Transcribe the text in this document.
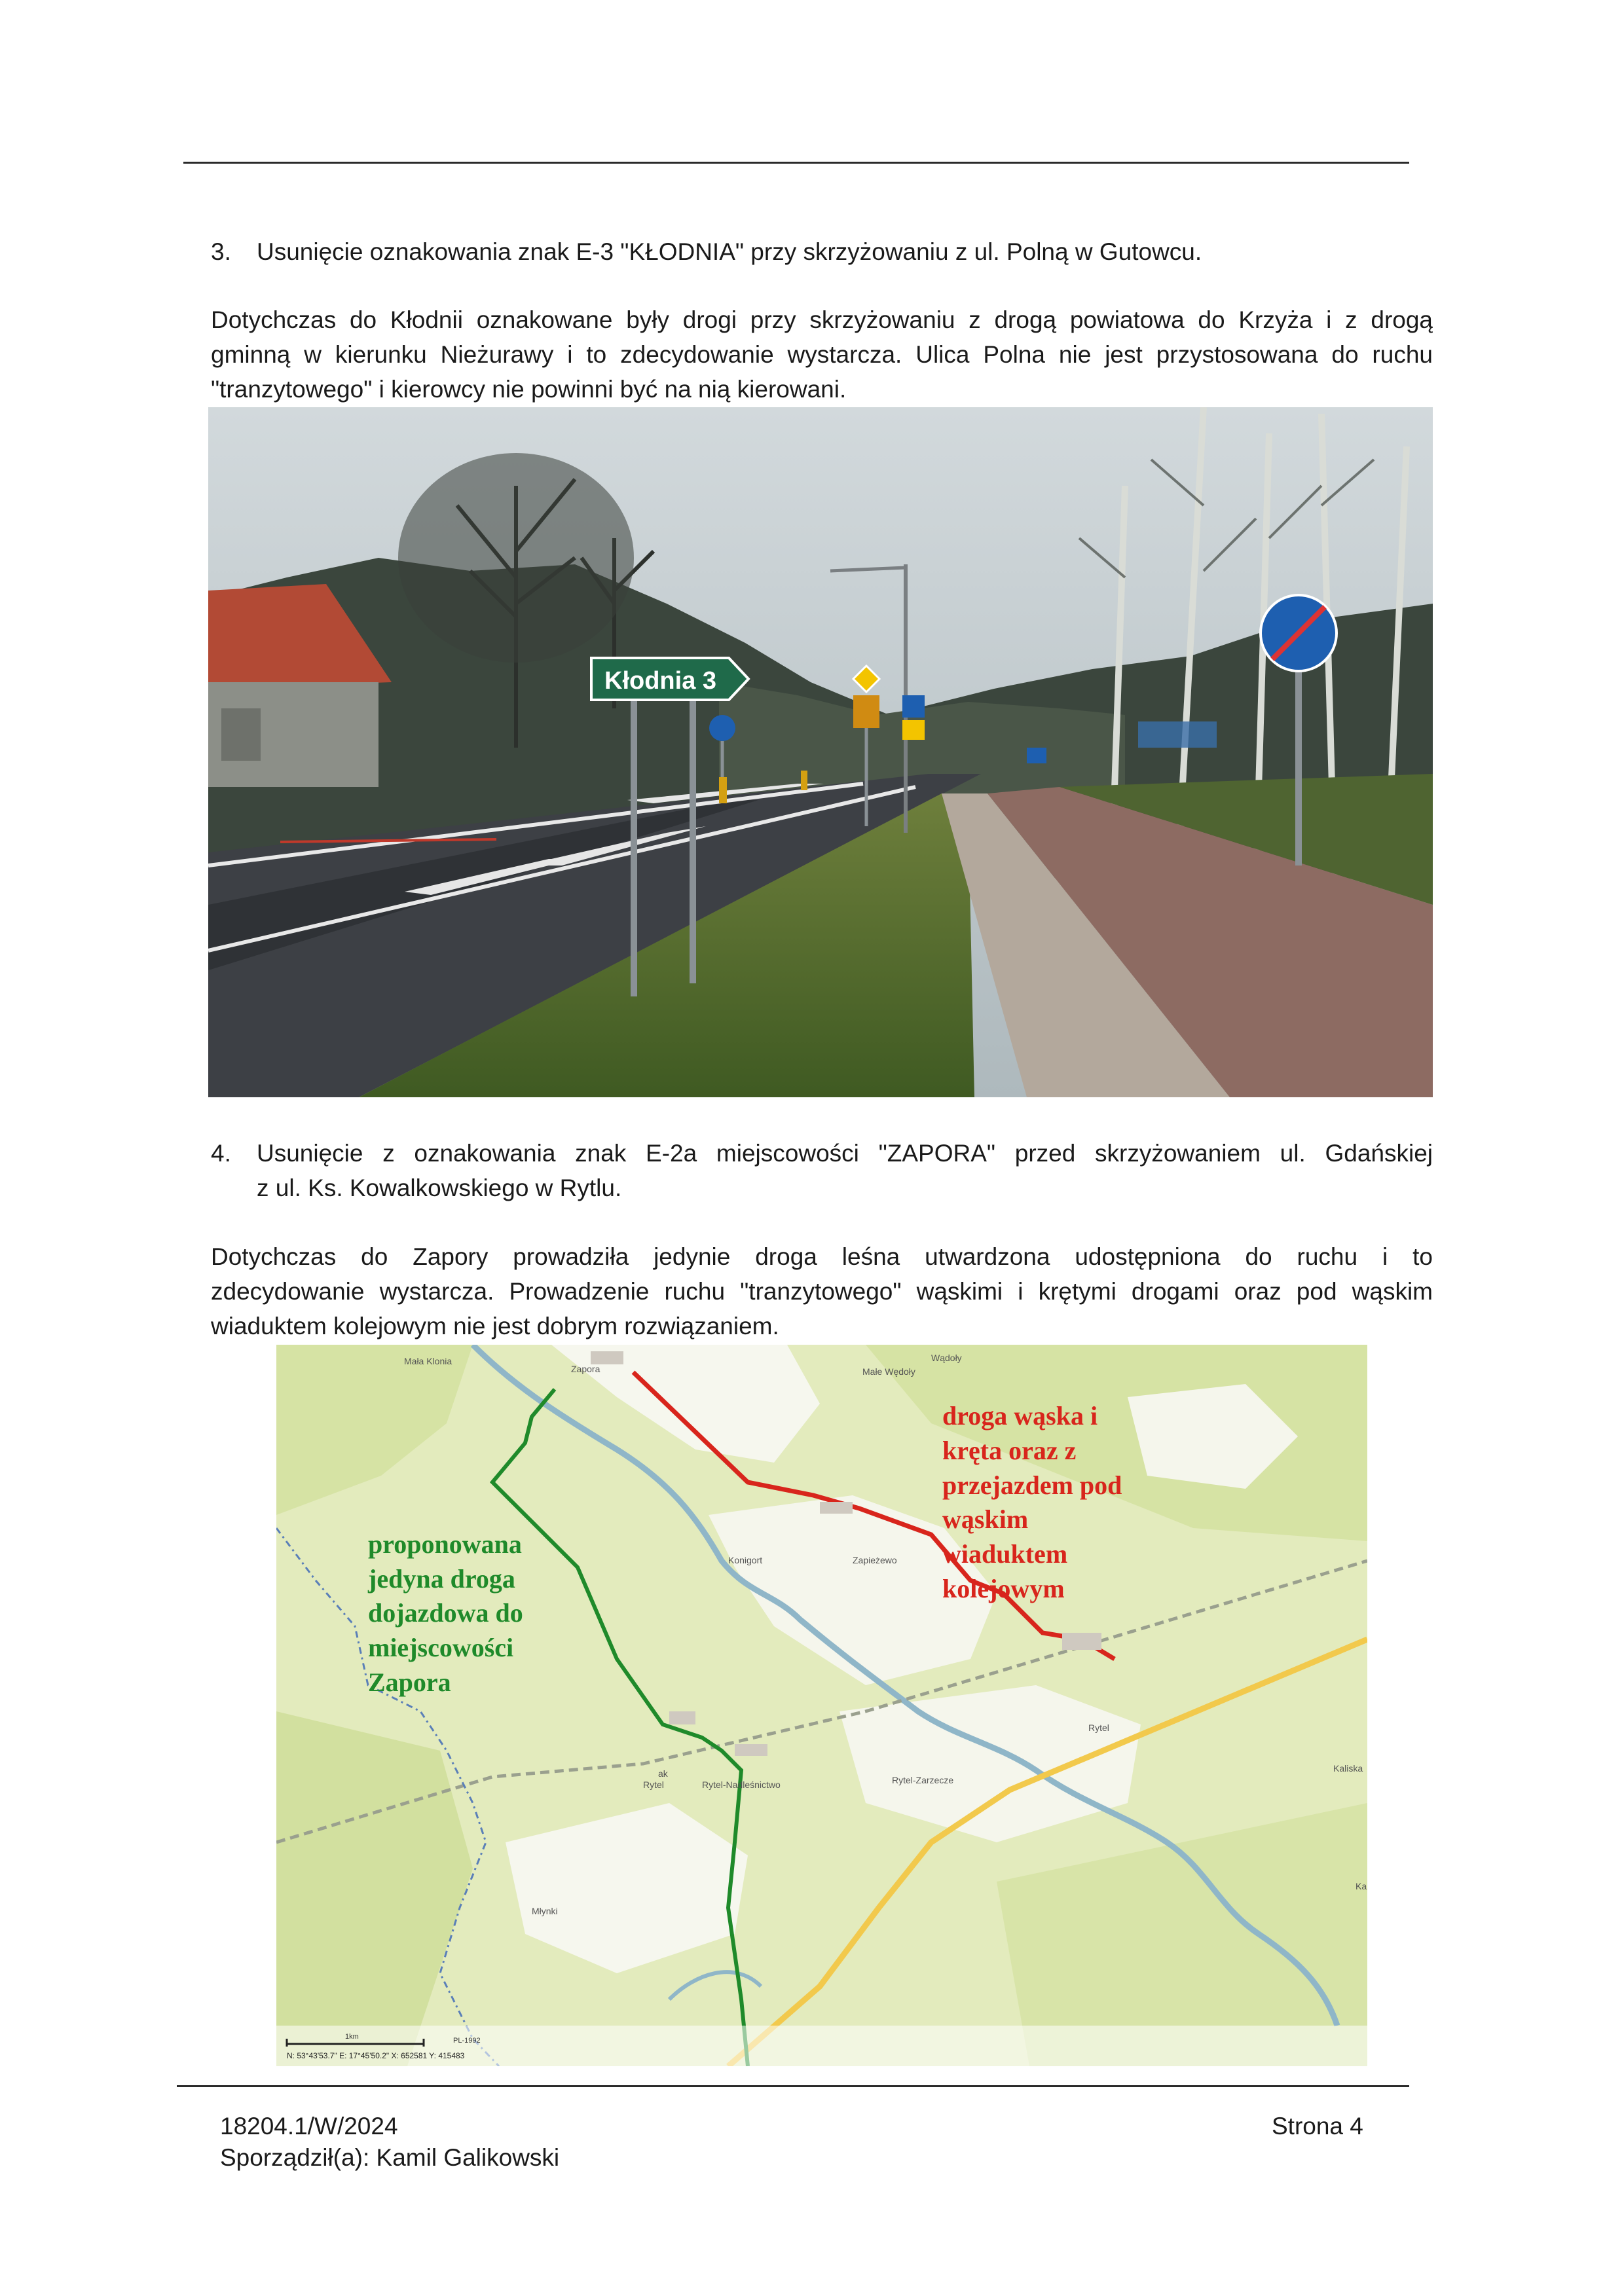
3. Usunięcie oznakowania znak E-3 "KŁODNIA" przy skrzyżowaniu z ul. Polną w Gutowcu.
Dotychczas do Kłodnii oznakowane były drogi przy skrzyżowaniu z drogą powiatowa do Krzyża i z drogą
gminną w kierunku Nieżurawy i to zdecydowanie wystarcza. Ulica Polna nie jest przystosowana do ruchu
"tranzytowego" i kierowcy nie powinni być na nią kierowani.
Kłodnia 3
4. Usunięcie z oznakowania znak E-2a miejscowości "ZAPORA" przed skrzyżowaniem ul. Gdańskiej
z ul. Ks. Kowalkowskiego w Rytlu.
Dotychczas do Zapory prowadziła jedynie droga leśna utwardzona udostępniona do ruchu i to
zdecydowanie wystarcza. Prowadzenie ruchu "tranzytowego" wąskimi i krętymi drogami oraz pod wąskim
wiaduktem kolejowym nie jest dobrym rozwiązaniem.
Mała Klonia
Zapora
Wądoły
Małe Wędoły
Konigort	Zapieżewo
Rytel
ak
Rytel	Rytel-Nadleśnictwo	Rytel-Zarzecze
Kaliska
Młynki
Ka
droga wąska i
kręta oraz z
przejazdem pod
wąskim
wiaduktem
kolejowym
proponowana
jedyna droga
dojazdowa do
miejscowości
Zapora
1km	PL-1992
N: 53°43'53.7" E: 17°45'50.2" X: 652581 Y: 415483
18204.1/W/2024
Sporządził(a): Kamil Galikowski
Strona 4
